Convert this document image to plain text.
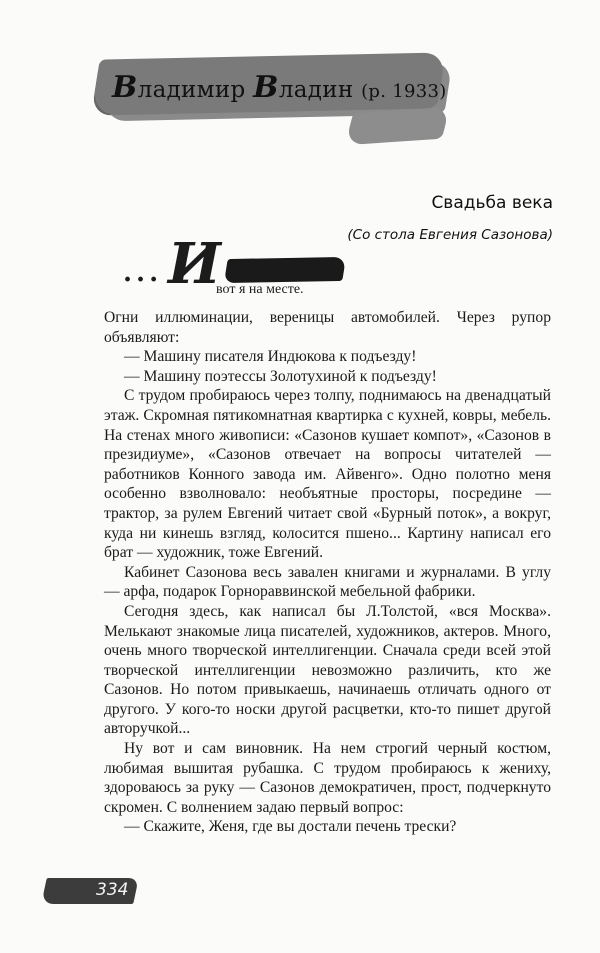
Владимир Владин (р. 1933)
Свадьба века
(Со стола Евгения Сазонова)
... И
вот я на месте.

Огни иллюминации, вереницы автомобилей. Через рупор объявляют:

— Машину писателя Индюкова к подъезду!

— Машину поэтессы Золотухиной к подъезду!

С трудом пробираюсь через толпу, поднимаюсь на двенадцатый этаж. Скромная пятикомнатная квартирка с кухней, ковры, мебель. На стенах много живописи: «Сазонов кушает компот», «Сазонов в президиуме», «Сазонов отвечает на вопросы читателей — работников Конного завода им. Айвенго». Одно полотно меня особенно взволновало: необъятные просторы, посредине — трактор, за рулем Евгений читает свой «Бурный поток», а вокруг, куда ни кинешь взгляд, колосится пшено... Картину написал его брат — художник, тоже Евгений.

Кабинет Сазонова весь завален книгами и журналами. В углу — арфа, подарок Горнораввинской мебельной фабрики.

Сегодня здесь, как написал бы Л.Толстой, «вся Москва». Мелькают знакомые лица писателей, художников, актеров. Много, очень много творческой интеллигенции. Сначала среди всей этой творческой интеллигенции невозможно различить, кто же Сазонов. Но потом привыкаешь, начинаешь отличать одного от другого. У кого-то носки другой расцветки, кто-то пишет другой авторучкой...

Ну вот и сам виновник. На нем строгий черный костюм, любимая вышитая рубашка. С трудом пробираюсь к жениху, здороваюсь за руку — Сазонов демократичен, прост, подчеркнуто скромен. С волнением задаю первый вопрос:

— Скажите, Женя, где вы достали печень трески?

334
